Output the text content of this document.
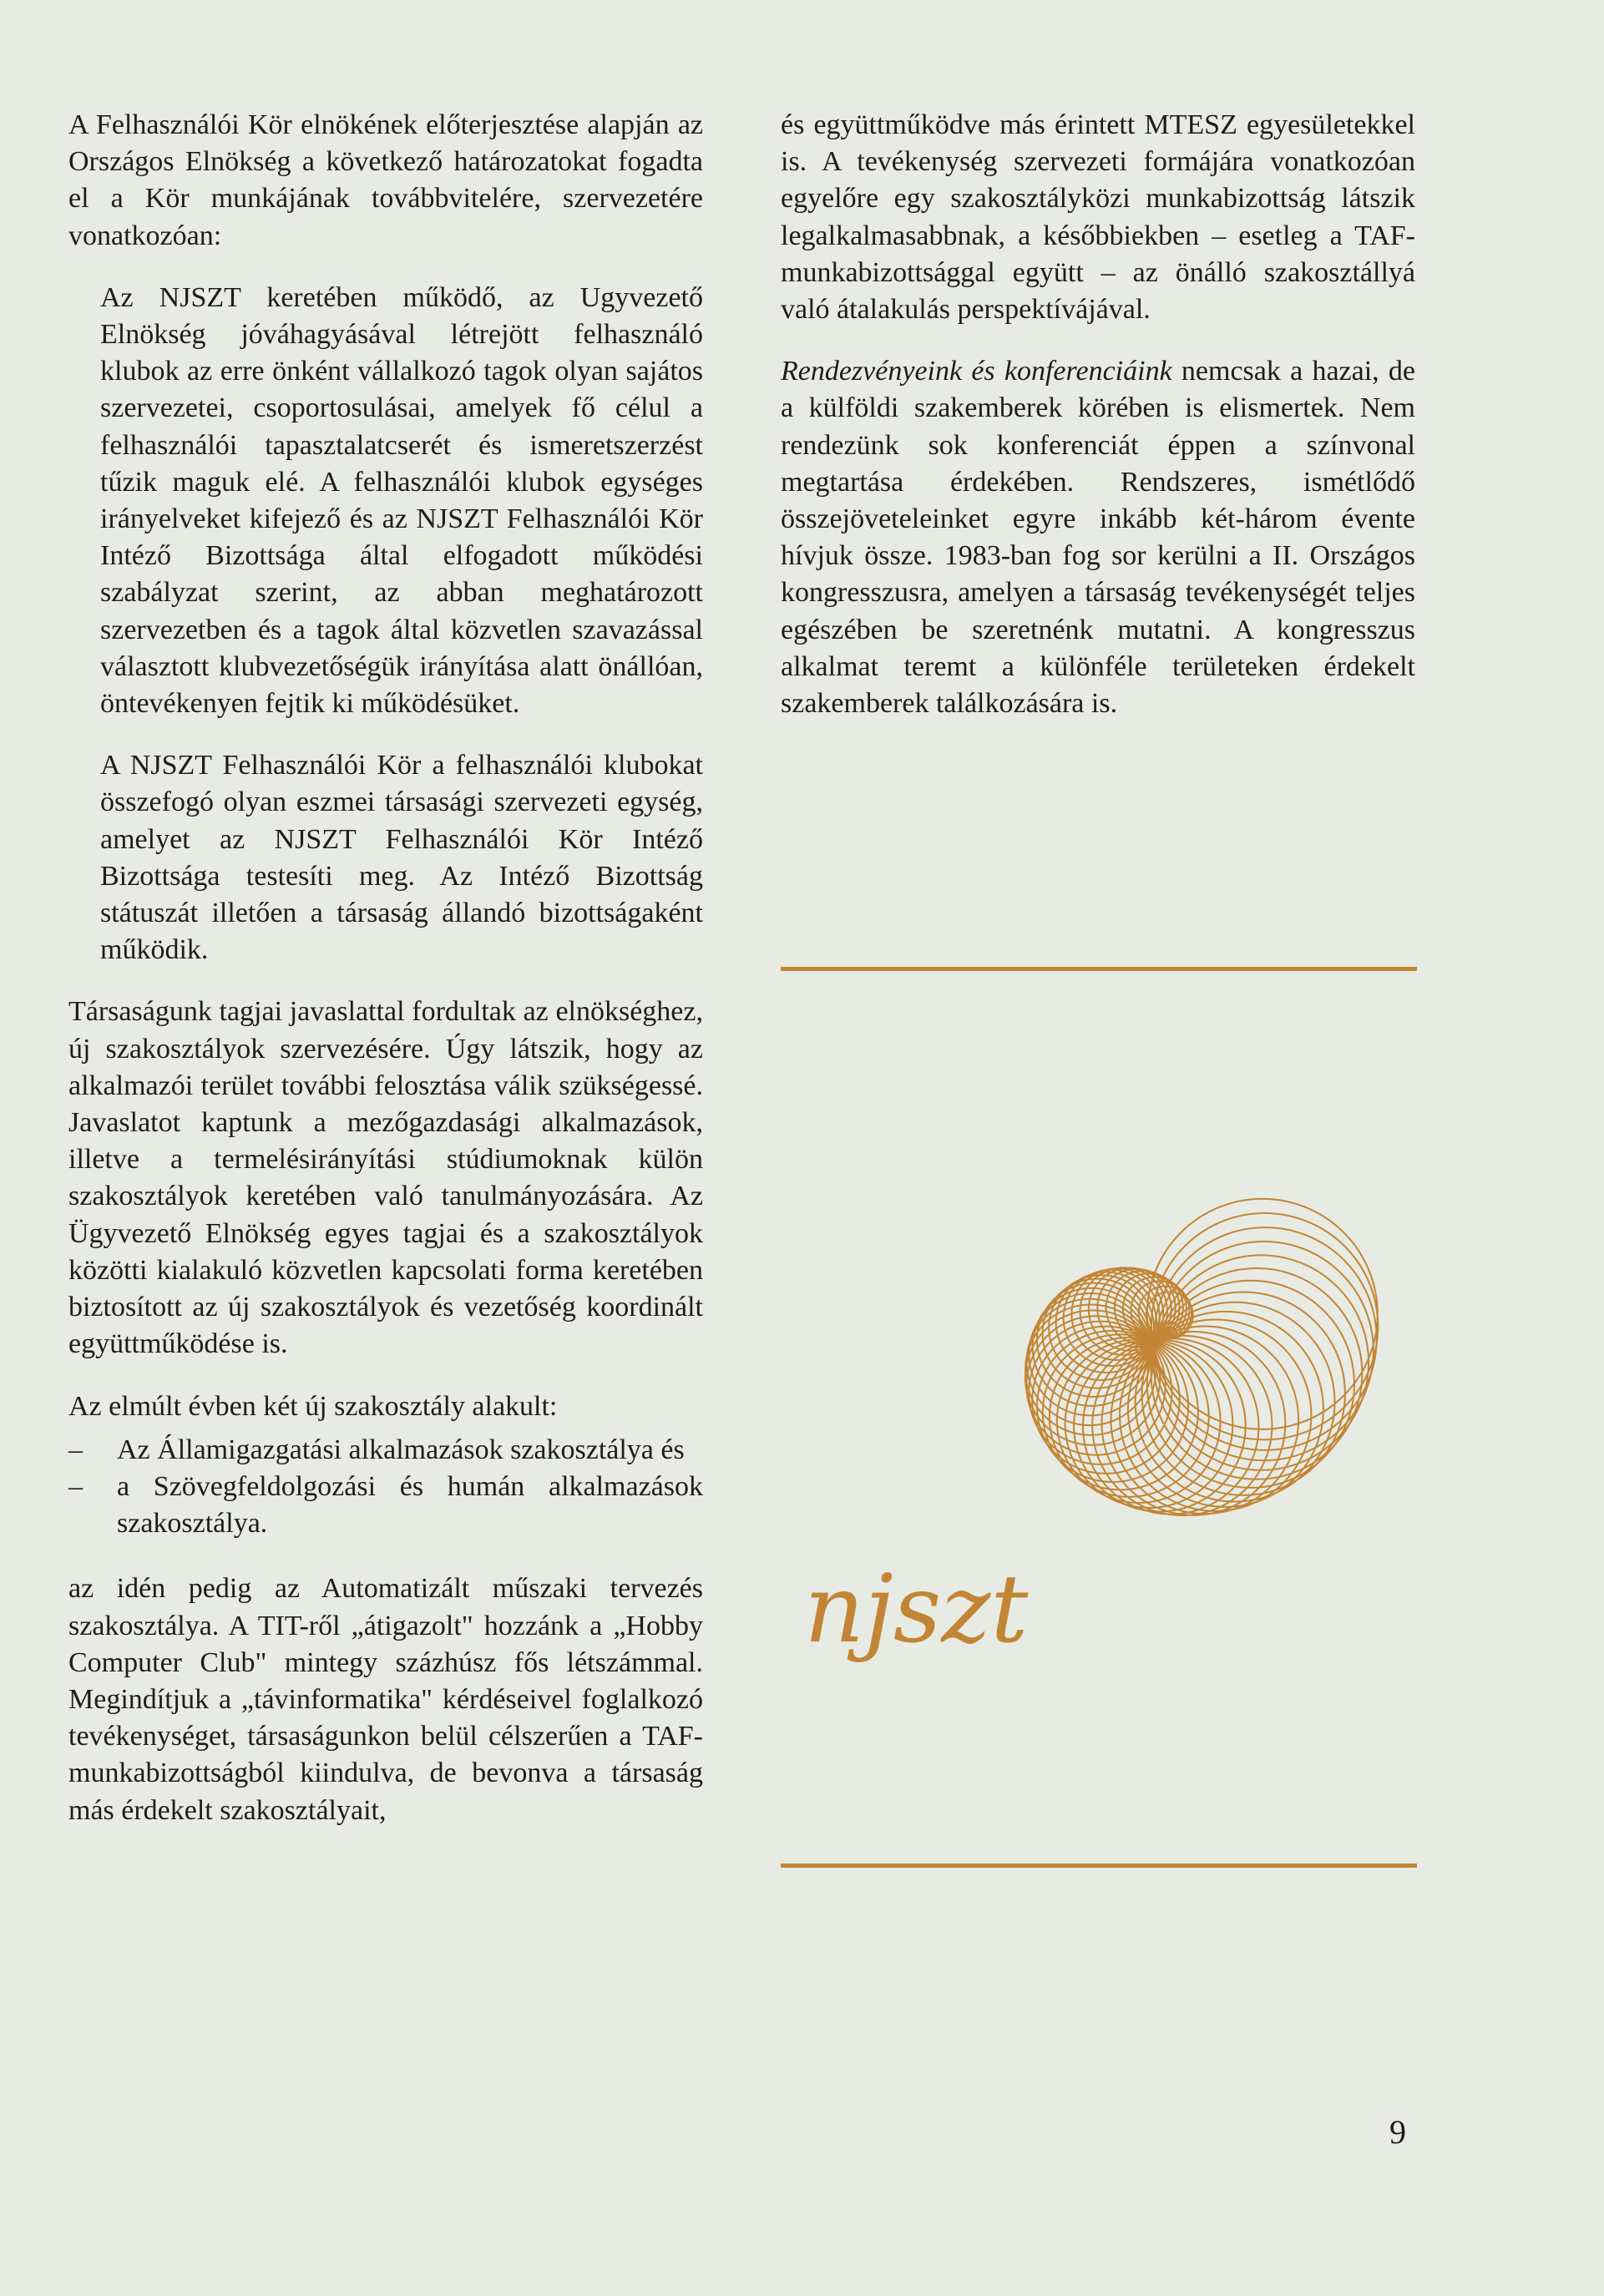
A Felhasználói Kör elnökének előterjesztése alapján az Országos Elnökség a következő határozatokat fogadta el a Kör munkájának továbbvitelére, szervezetére vonatkozóan:

Az NJSZT keretében működő, az Ugyvezető Elnökség jóváhagyásával létrejött felhasználó klubok az erre önként vállalkozó tagok olyan sajátos szervezetei, csoportosulásai, amelyek fő célul a felhasználói tapasztalatcserét és ismeretszerzést tűzik maguk elé. A felhasználói klubok egységes irányelveket kifejező és az NJSZT Felhasználói Kör Intéző Bizottsága által elfogadott működési szabályzat szerint, az abban meghatározott szervezetben és a tagok által közvetlen szavazással választott klubvezetőségük irányítása alatt önállóan, öntevékenyen fejtik ki működésüket.

A NJSZT Felhasználói Kör a felhasználói klubokat összefogó olyan eszmei társasági szervezeti egység, amelyet az NJSZT Felhasználói Kör Intéző Bizottsága testesíti meg. Az Intéző Bizottság státuszát illetően a társaság állandó bizottságaként működik.

Társaságunk tagjai javaslattal fordultak az elnökséghez, új szakosztályok szervezésére. Úgy látszik, hogy az alkalmazói terület további felosztása válik szükségessé. Javaslatot kaptunk a mezőgazdasági alkalmazások, illetve a termelésirányítási stúdiumoknak külön szakosztályok keretében való tanulmányozására. Az Ügyvezető Elnökség egyes tagjai és a szakosztályok közötti kialakuló közvetlen kapcsolati forma keretében biztosított az új szakosztályok és vezetőség koordinált együttműködése is.

Az elmúlt évben két új szakosztály alakult:

–	Az Államigazgatási alkalmazások szakosztálya és
–	a Szövegfeldolgozási és humán alkalmazások szakosztálya.

az idén pedig az Automatizált műszaki tervezés szakosztálya. A TIT-ről „átigazolt" hozzánk a „Hobby Computer Club" mintegy százhúsz fős létszámmal. Megindítjuk a „távinformatika" kérdéseivel foglalkozó tevékenységet, társaságunkon belül célszerűen a TAF-munkabizottságból kiindulva, de bevonva a társaság más érdekelt szakosztályait,

és együttműködve más érintett MTESZ egyesületekkel is. A tevékenység szervezeti formájára vonatkozóan egyelőre egy szakosztályközi munkabizottság látszik legalkalmasabbnak, a későbbiekben – esetleg a TAF-munkabizottsággal együtt – az önálló szakosztállyá való átalakulás perspektívájával.

Rendezvényeink és konferenciáink nemcsak a hazai, de a külföldi szakemberek körében is elismertek. Nem rendezünk sok konferenciát éppen a színvonal megtartása érdekében. Rendszeres, ismétlődő összejöveteleinket egyre inkább két-három évente hívjuk össze. 1983-ban fog sor kerülni a II. Országos kongresszusra, amelyen a társaság tevékenységét teljes egészében be szeretnénk mutatni. A kongresszus alkalmat teremt a különféle területeken érdekelt szakemberek találkozására is.

njszt
9
